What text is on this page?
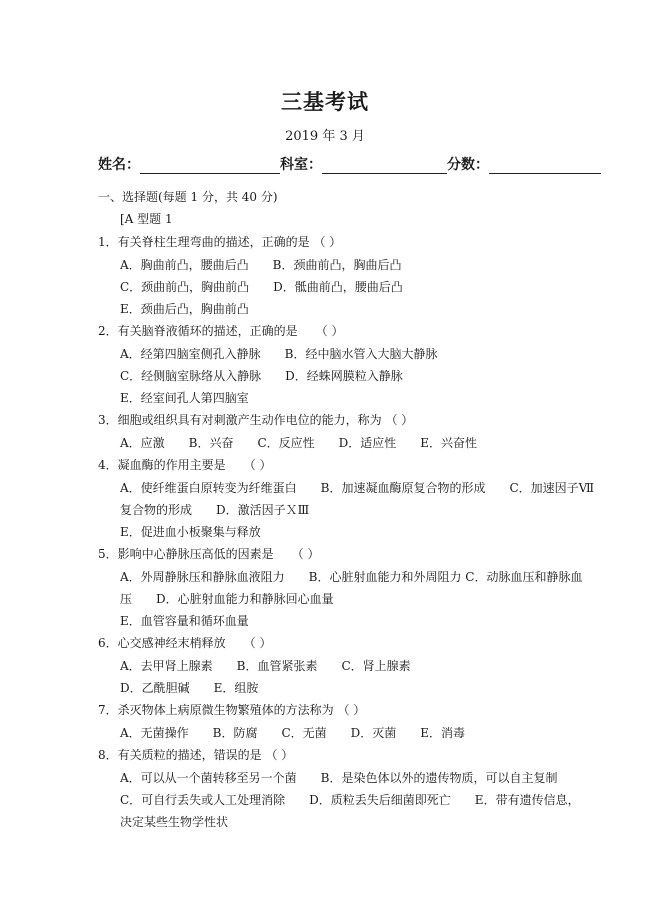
三基考试
2019 年 3 月
姓名：	科室：	分数：
一、选择题(每题 1 分，共 40 分)
[A 型题 1
1．有关脊柱生理弯曲的描述，正确的是 （ ）
A．胸曲前凸，腰曲后凸　　B．颈曲前凸，胸曲后凸
C．颈曲前凸，胸曲前凸　　D．骶曲前凸，腰曲后凸
E．颈曲后凸，胸曲前凸
2．有关脑脊液循环的描述，正确的是　　（ ）
A．经第四脑室侧孔入静脉　　B．经中脑水管入大脑大静脉
C．经侧脑室脉络从入静脉　　D．经蛛网膜粒入静脉
E．经室间孔人第四脑室
3．细胞或组织具有对刺激产生动作电位的能力，称为 （ ）
A．应激　　B．兴奋　　C．反应性　　D．适应性　　E．兴奋性
4．凝血酶的作用主要是　　（ ）
A．使纤维蛋白原转变为纤维蛋白　　B．加速凝血酶原复合物的形成　　C．加速因子Ⅶ
复合物的形成　　D．激活因子ＸⅢ
E．促进血小板聚集与释放
5．影响中心静脉压高低的因素是　　（ ）
A．外周静脉压和静脉血液阻力　　B．心脏射血能力和外周阻力 C．动脉血压和静脉血
压　　D．心脏射血能力和静脉回心血量
E．血管容量和循环血量
6．心交感神经末梢释放　　（ ）
A．去甲肾上腺素　　B．血管紧张素　　C．肾上腺素
D．乙酰胆碱　　E．组胺
7．杀灭物体上病原微生物繁殖体的方法称为 （ ）
A．无菌操作　　B．防腐　　C．无菌　　D．灭菌　　E．消毒
8．有关质粒的描述，错误的是 （ ）
A．可以从一个菌转移至另一个菌　　B．是染色体以外的遗传物质，可以自主复制
C．可自行丢失或人工处理消除　　D．质粒丢失后细菌即死亡　　E．带有遗传信息，
决定某些生物学性状
